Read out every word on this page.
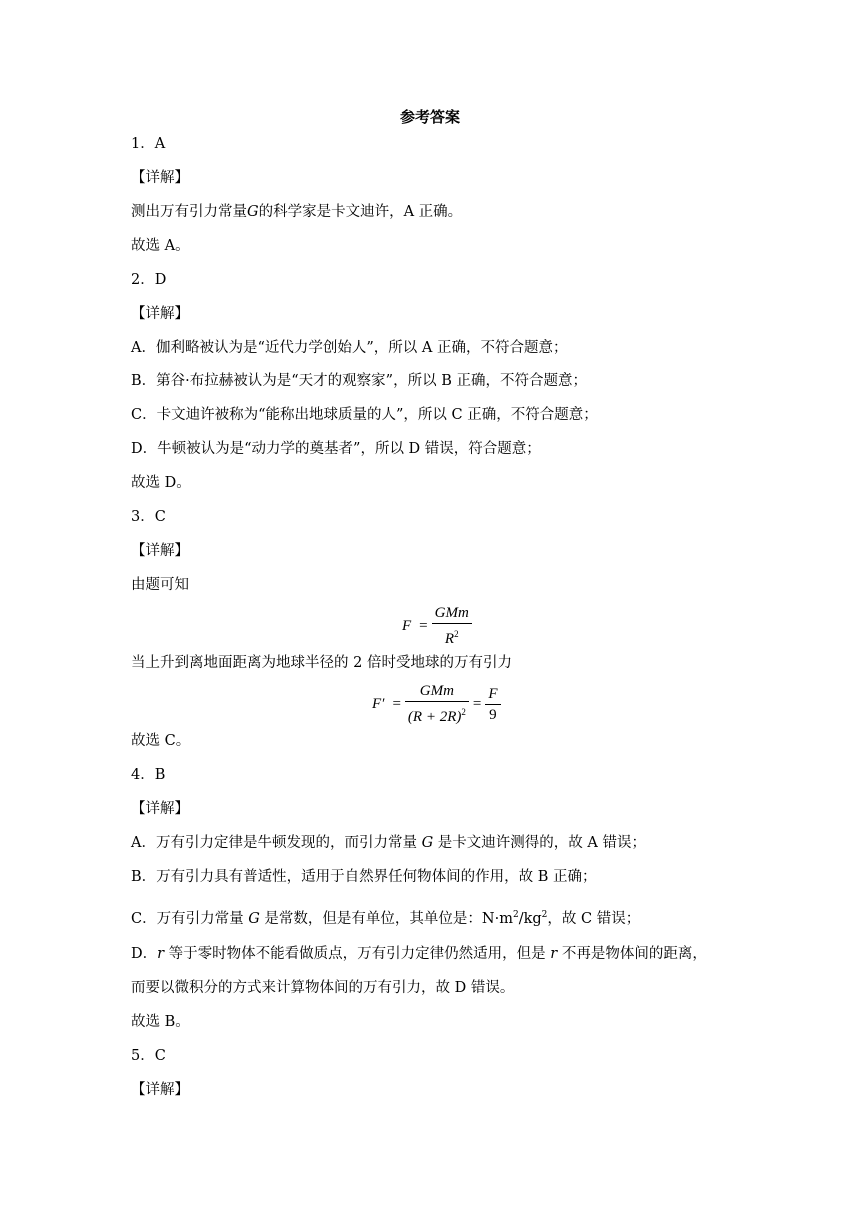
参考答案
1．A
【详解】
测出万有引力常量G的科学家是卡文迪许，A 正确。
故选 A。
2．D
【详解】
A．伽利略被认为是“近代力学创始人”，所以 A 正确，不符合题意；
B．第谷·布拉赫被认为是“天才的观察家”，所以 B 正确，不符合题意；
C．卡文迪许被称为“能称出地球质量的人”，所以 C 正确，不符合题意；
D．牛顿被认为是“动力学的奠基者”，所以 D 错误，符合题意；
故选 D。
3．C
【详解】
由题可知
$F = \frac{\text{GMm}}{R^2}$
当上升到离地面距离为地球半径的 2 倍时受地球的万有引力
$F' = \frac{\text{GMm}}{(R + 2R)^2} = \frac{F}{9}$
故选 C。
4．B
【详解】
A．万有引力定律是牛顿发现的，而引力常量 G 是卡文迪许测得的，故 A 错误；
B．万有引力具有普适性，适用于自然界任何物体间的作用，故 B 正确；
C．万有引力常量 G 是常数，但是有单位，其单位是：$N\cdot m^2/kg^2$，故 C 错误；
D．r 等于零时物体不能看做质点，万有引力定律仍然适用，但是 r 不再是物体间的距离，
而要以微积分的方式来计算物体间的万有引力，故 D 错误。
故选 B。
5．C
【详解】
